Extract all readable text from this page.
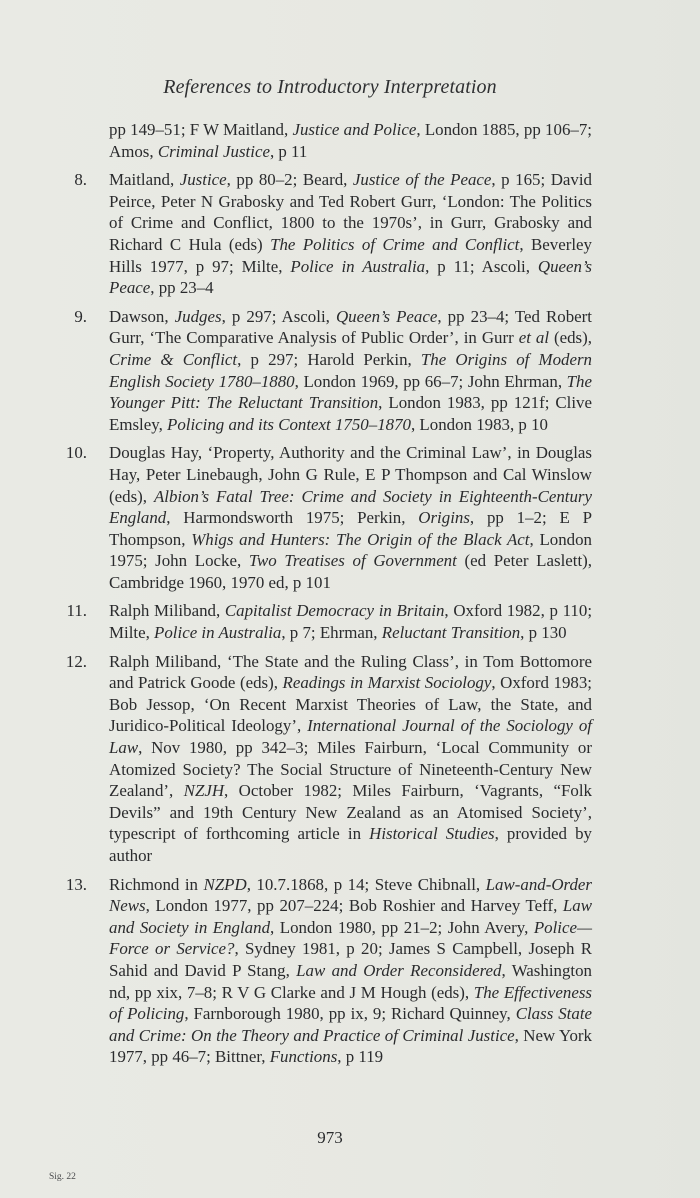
References to Introductory Interpretation
pp 149–51; F W Maitland, Justice and Police, London 1885, pp 106–7; Amos, Criminal Justice, p 11
8. Maitland, Justice, pp 80–2; Beard, Justice of the Peace, p 165; David Peirce, Peter N Grabosky and Ted Robert Gurr, ‘London: The Politics of Crime and Conflict, 1800 to the 1970s’, in Gurr, Grabosky and Richard C Hula (eds) The Politics of Crime and Conflict, Beverley Hills 1977, p 97; Milte, Police in Australia, p 11; Ascoli, Queen’s Peace, pp 23–4
9. Dawson, Judges, p 297; Ascoli, Queen’s Peace, pp 23–4; Ted Robert Gurr, ‘The Comparative Analysis of Public Order’, in Gurr et al (eds), Crime & Conflict, p 297; Harold Perkin, The Origins of Modern English Society 1780–1880, London 1969, pp 66–7; John Ehrman, The Younger Pitt: The Reluctant Transition, London 1983, pp 121f; Clive Emsley, Policing and its Context 1750–1870, London 1983, p 10
10. Douglas Hay, ‘Property, Authority and the Criminal Law’, in Douglas Hay, Peter Linebaugh, John G Rule, E P Thompson and Cal Winslow (eds), Albion’s Fatal Tree: Crime and Society in Eighteenth-Century England, Harmondsworth 1975; Perkin, Origins, pp 1–2; E P Thompson, Whigs and Hunters: The Origin of the Black Act, London 1975; John Locke, Two Treatises of Government (ed Peter Laslett), Cambridge 1960, 1970 ed, p 101
11. Ralph Miliband, Capitalist Democracy in Britain, Oxford 1982, p 110; Milte, Police in Australia, p 7; Ehrman, Reluctant Transition, p 130
12. Ralph Miliband, ‘The State and the Ruling Class’, in Tom Bottomore and Patrick Goode (eds), Readings in Marxist Sociology, Oxford 1983; Bob Jessop, ‘On Recent Marxist Theories of Law, the State, and Juridico-Political Ideology’, International Journal of the Sociology of Law, Nov 1980, pp 342–3; Miles Fairburn, ‘Local Community or Atomized Society? The Social Structure of Nineteenth-Century New Zealand’, NZJH, October 1982; Miles Fairburn, ‘Vagrants, “Folk Devils” and 19th Century New Zealand as an Atomised Society’, typescript of forthcoming article in Historical Studies, provided by author
13. Richmond in NZPD, 10.7.1868, p 14; Steve Chibnall, Law-and-Order News, London 1977, pp 207–224; Bob Roshier and Harvey Teff, Law and Society in England, London 1980, pp 21–2; John Avery, Police—Force or Service?, Sydney 1981, p 20; James S Campbell, Joseph R Sahid and David P Stang, Law and Order Reconsidered, Washington nd, pp xix, 7–8; R V G Clarke and J M Hough (eds), The Effectiveness of Policing, Farnborough 1980, pp ix, 9; Richard Quinney, Class State and Crime: On the Theory and Practice of Criminal Justice, New York 1977, pp 46–7; Bittner, Functions, p 119
973
Sig. 22
